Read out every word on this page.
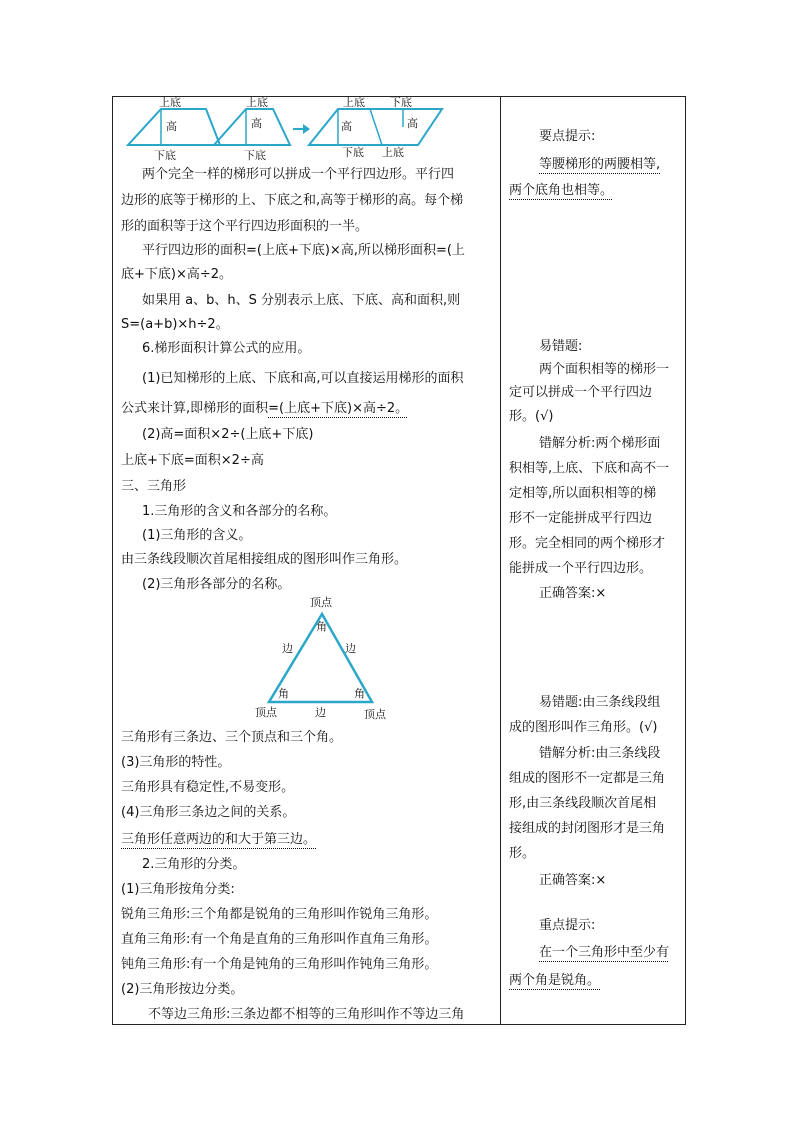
上底
高
下底
上底
高
下底
上底 下底
高	高
下底 上底
两个完全一样的梯形可以拼成一个平行四边形。平行四
边形的底等于梯形的上、下底之和,高等于梯形的高。每个梯
形的面积等于这个平行四边形面积的一半。
平行四边形的面积=(上底+下底)×高,所以梯形面积=(上
底+下底)×高÷2。
如果用 a、b、h、S 分别表示上底、下底、高和面积,则
S=(a+b)×h÷2。
6.梯形面积计算公式的应用。
(1)已知梯形的上底、下底和高,可以直接运用梯形的面积
公式来计算,即梯形的面积=(上底+下底)×高÷2。
(2)高=面积×2÷(上底+下底)
上底+下底=面积×2÷高
三、三角形
1.三角形的含义和各部分的名称。
(1)三角形的含义。
由三条线段顺次首尾相接组成的图形叫作三角形。
(2)三角形各部分的名称。
顶点
角
边	边
角	角
顶点	边	顶点
三角形有三条边、三个顶点和三个角。
(3)三角形的特性。
三角形具有稳定性,不易变形。
(4)三角形三条边之间的关系。
三角形任意两边的和大于第三边。
2.三角形的分类。
(1)三角形按角分类:
锐角三角形:三个角都是锐角的三角形叫作锐角三角形。
直角三角形:有一个角是直角的三角形叫作直角三角形。
钝角三角形:有一个角是钝角的三角形叫作钝角三角形。
(2)三角形按边分类。
不等边三角形:三条边都不相等的三角形叫作不等边三角
要点提示:
等腰梯形的两腰相等,
两个底角也相等。
易错题:
两个面积相等的梯形一
定可以拼成一个平行四边
形。(√)
错解分析:两个梯形面
积相等,上底、下底和高不一
定相等,所以面积相等的梯
形不一定能拼成平行四边
形。完全相同的两个梯形才
能拼成一个平行四边形。
正确答案:×
易错题:由三条线段组
成的图形叫作三角形。(√)
错解分析:由三条线段
组成的图形不一定都是三角
形,由三条线段顺次首尾相
接组成的封闭图形才是三角
形。
正确答案:×
重点提示:
在一个三角形中至少有
两个角是锐角。
